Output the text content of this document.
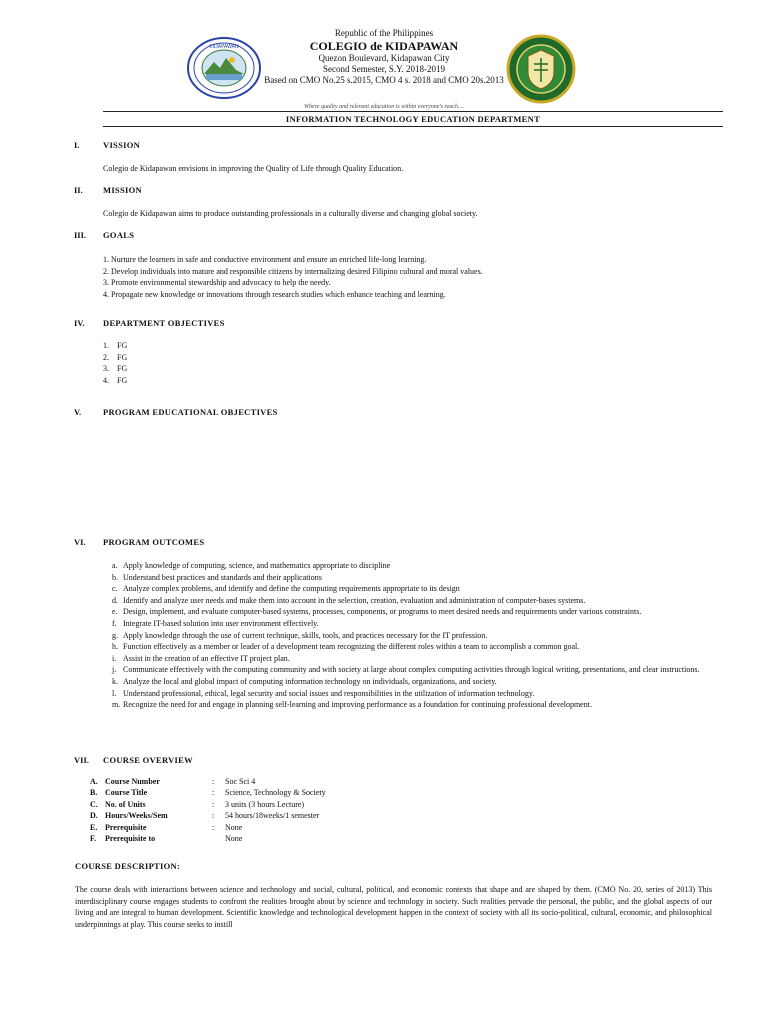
KIDAPAWAN
Republic of the Philippines
COLEGIO de KIDAPAWAN
Quezon Boulevard, Kidapawan City
Second Semester, S.Y. 2018-2019
Based on CMO No.25 s.2015, CMO 4 s. 2018 and CMO 20s.2013
Where quality and relevant education is within everyone's reach....
INFORMATION TECHNOLOGY EDUCATION DEPARTMENT
I.	VISSION
Colegio de Kidapawan envisions in improving the Quality of Life through Quality Education.
II. MISSION
Colegio de Kidapawan aims to produce outstanding professionals in a culturally diverse and changing global society.
III. GOALS
1. Nurture the learners in safe and conductive environment and ensure an enriched life-long learning.
2. Develop individuals into mature and responsible citizens by internalizing desired Filipino cultural and moral values.
3. Promote environmental stewardship and advocacy to help the needy.
4. Propagate new knowledge or innovations through research studies which enhance teaching and learning.
IV. DEPARTMENT OBJECTIVES
1. FG
2. FG
3. FG
4. FG
V.	PROGRAM EDUCATIONAL OBJECTIVES
VI. PROGRAM OUTCOMES
a. Apply knowledge of computing, science, and mathematics appropriate to discipline
b. Understand best practices and standards and their applications
c. Analyze complex problems, and identify and define the computing requirements appropriate to its design
d. Identify and analyze user needs and make them into account in the selection, creation, evaluation and administration of computer-bases systems.
e. Design, implement, and evaluate computer-based systems, processes, components, or programs to meet desired needs and requirements under various constraints.
f. Integrate IT-based solution into user environment effectively.
g. Apply knowledge through the use of current technique, skills, tools, and practices necessary for the IT profession.
h. Function effectively as a member or leader of a development team recognizing the different roles within a team to accomplish a common goal.
i. Assist in the creation of an effective IT project plan.
j. Communicate effectively with the computing community and with society at large about complex computing activities through logical writing, presentations, and clear instructions.
k. Analyze the local and global impact of computing information technology on individuals, organizations, and society.
l. Understand professional, ethical, legal security and social issues and responsibilities in the utilization of information technology.
m. Recognize the need for and engage in planning self-learning and improving performance as a foundation for continuing professional development.
VII. COURSE OVERVIEW
A. Course Number	: Soc Sci 4
B. Course Title	: Science, Technology & Society
C. No. of Units	: 3 units (3 hours Lecture)
D. Hours/Weeks/Sem	: 54 hours/18weeks/1 semester
E. Prerequisite	: None
F.	Prerequisite to	None
COURSE DESCRIPTION:
The course deals with interactions between science and technology and social, cultural, political, and economic contexts that shape and are shaped by them. (CMO No. 20, series of 2013) This interdisciplinary course engages students to confront the realities brought about by science and technology in society. Such realities pervade the personal, the public, and the global aspects of our living and are integral to human development. Scientific knowledge and technological development happen in the context of society with all its socio-political, cultural, economic, and philosophical underpinnings at play. This course seeks to instill
